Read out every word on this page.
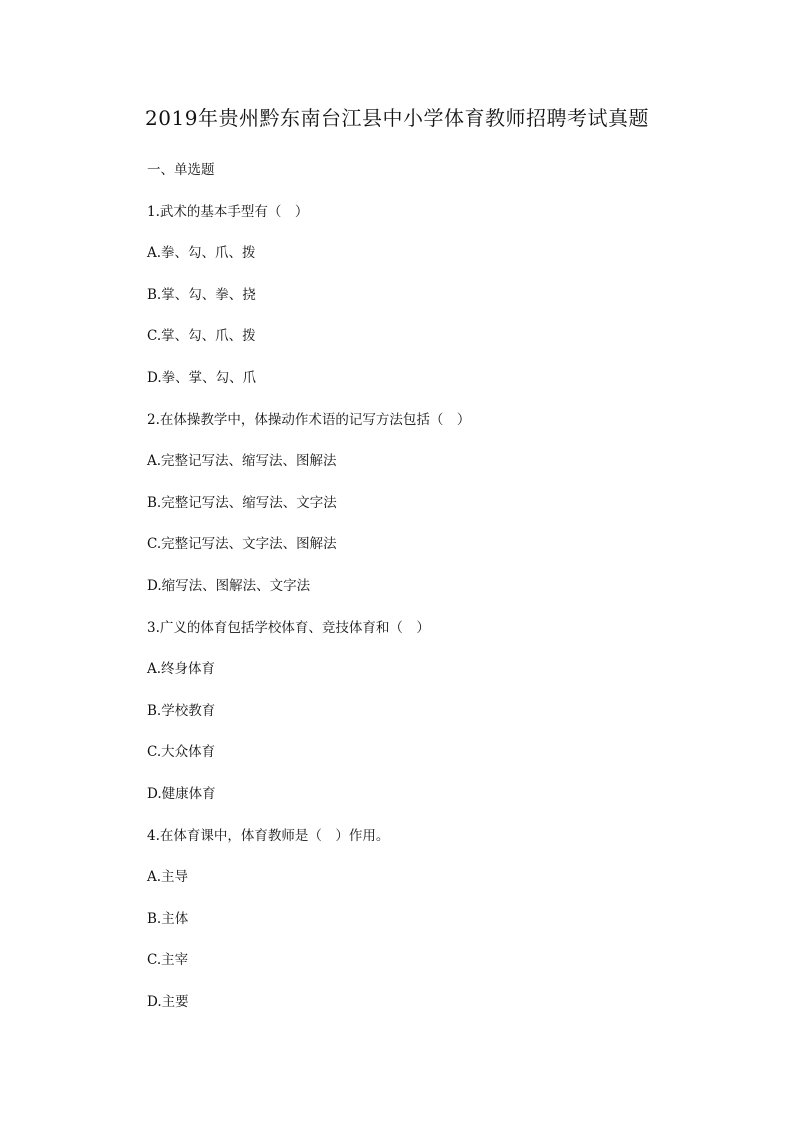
2019年贵州黔东南台江县中小学体育教师招聘考试真题
一、单选题
1.武术的基本手型有（　）
A.拳、勾、爪、拨
B.掌、勾、拳、挠
C.掌、勾、爪、拨
D.拳、掌、勾、爪
2.在体操教学中，体操动作术语的记写方法包括（　）
A.完整记写法、缩写法、图解法
B.完整记写法、缩写法、文字法
C.完整记写法、文字法、图解法
D.缩写法、图解法、文字法
3.广义的体育包括学校体育、竞技体育和（　）
A.终身体育
B.学校教育
C.大众体育
D.健康体育
4.在体育课中，体育教师是（　）作用。
A.主导
B.主体
C.主宰
D.主要
